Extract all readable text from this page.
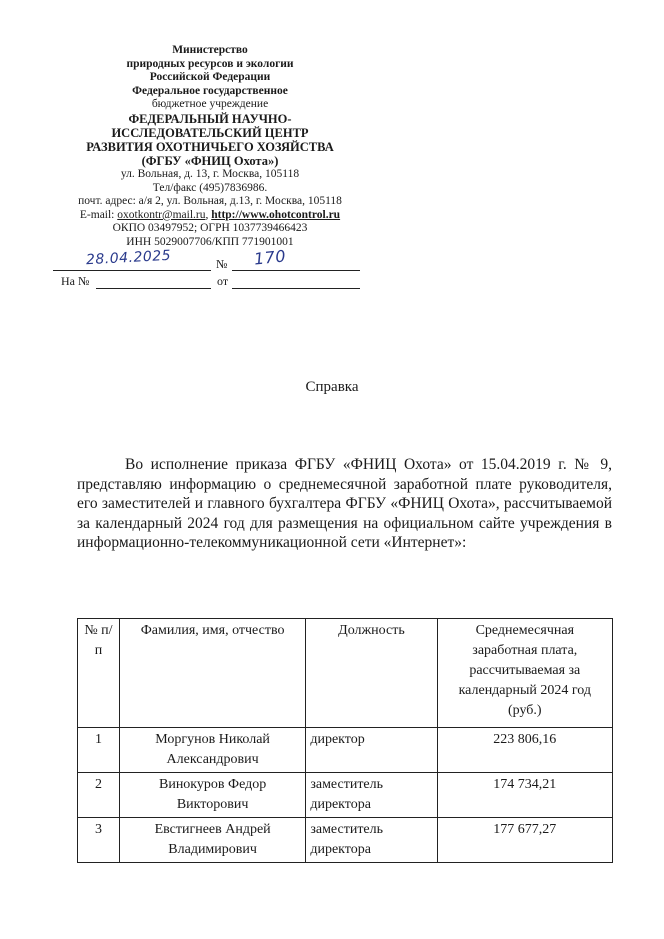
Министерство
природных ресурсов и экологии
Российской Федерации
Федеральное государственное
бюджетное учреждение
ФЕДЕРАЛЬНЫЙ НАУЧНО-
ИССЛЕДОВАТЕЛЬСКИЙ ЦЕНТР
РАЗВИТИЯ ОХОТНИЧЬЕГО ХОЗЯЙСТВА
(ФГБУ «ФНИЦ Охота»)
ул. Вольная, д. 13, г. Москва, 105118
Тел/факс (495)7836986.
почт. адрес: а/я 2, ул. Вольная, д.13, г. Москва, 105118
E-mail: oxotkontr@mail.ru, http://www.ohotcontrol.ru
ОКПО 03497952; ОГРН 1037739466423
ИНН 5029007706/КПП 771901001
28.04.2025	№ 170
На №	от
Справка
Во исполнение приказа ФГБУ «ФНИЦ Охота» от 15.04.2019 г. № 9, представляю информацию о среднемесячной заработной плате руководителя, его заместителей и главного бухгалтера ФГБУ «ФНИЦ Охота», рассчитываемой за календарный 2024 год для размещения на официальном сайте учреждения в информационно-телекоммуникационной сети «Интернет»:
№ п/п	Фамилия, имя, отчество	Должность	Среднемесячная заработная плата, рассчитываемая за календарный 2024 год (руб.)
1	Моргунов Николай Александрович	директор	223 806,16
2	Винокуров Федор Викторович	заместитель директора	174 734,21
3	Евстигнеев Андрей Владимирович	заместитель директора	177 677,27
